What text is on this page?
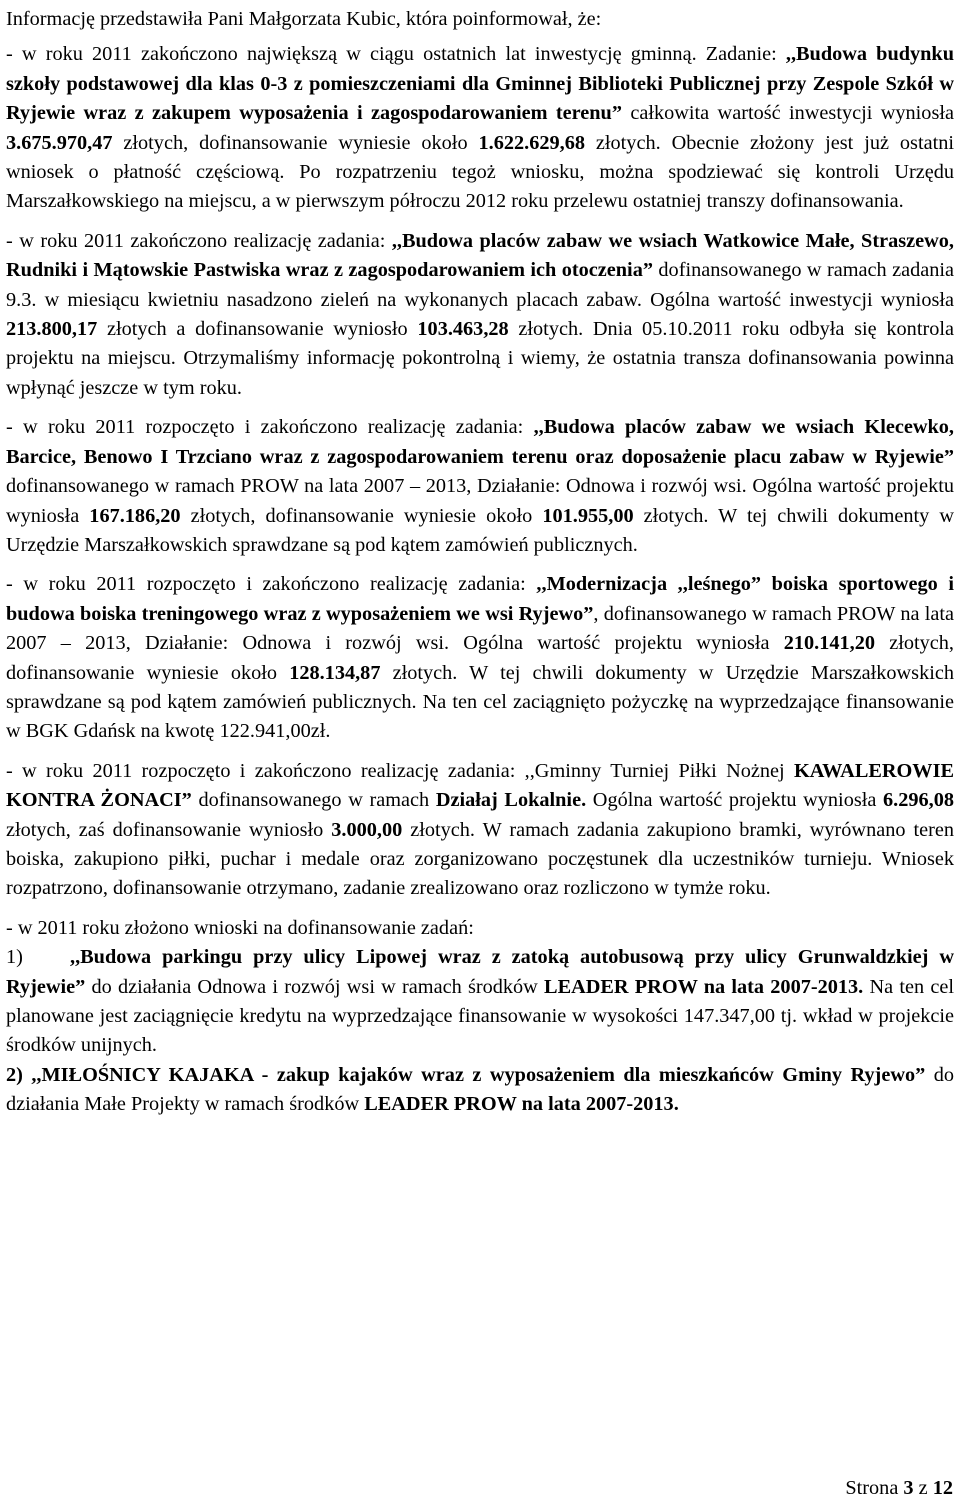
Informację przedstawiła Pani Małgorzata Kubic, która poinformował, że:

- w roku 2011 zakończono największą w ciągu ostatnich lat inwestycję gminną. Zadanie: ,,Budowa budynku szkoły podstawowej dla klas 0-3 z pomieszczeniami dla Gminnej Biblioteki Publicznej przy Zespole Szkół w Ryjewie wraz z zakupem wyposażenia i zagospodarowaniem terenu” całkowita wartość inwestycji wyniosła 3.675.970,47 złotych, dofinansowanie wyniesie około 1.622.629,68 złotych. Obecnie złożony jest już ostatni wniosek o płatność częściową. Po rozpatrzeniu tegoż wniosku, można spodziewać się kontroli Urzędu Marszałkowskiego na miejscu, a w pierwszym półroczu 2012 roku przelewu ostatniej transzy dofinansowania.

- w roku 2011 zakończono realizację zadania: ,,Budowa placów zabaw we wsiach Watkowice Małe, Straszewo, Rudniki i Mątowskie Pastwiska wraz z zagospodarowaniem ich otoczenia” dofinansowanego w ramach zadania 9.3. w miesiącu kwietniu nasadzono zieleń na wykonanych placach zabaw. Ogólna wartość inwestycji wyniosła 213.800,17 złotych a dofinansowanie wyniosło 103.463,28 złotych. Dnia 05.10.2011 roku odbyła się kontrola projektu na miejscu. Otrzymaliśmy informację pokontrolną i wiemy, że ostatnia transza dofinansowania powinna wpłynąć jeszcze w tym roku.

- w roku 2011 rozpoczęto i zakończono realizację zadania: ,,Budowa placów zabaw we wsiach Klecewko, Barcice, Benowo I Trzciano wraz z zagospodarowaniem terenu oraz doposażenie placu zabaw w Ryjewie” dofinansowanego w ramach PROW na lata 2007 – 2013, Działanie: Odnowa i rozwój wsi. Ogólna wartość projektu wyniosła 167.186,20 złotych, dofinansowanie wyniesie około 101.955,00 złotych. W tej chwili dokumenty w Urzędzie Marszałkowskich sprawdzane są pod kątem zamówień publicznych.

- w roku 2011 rozpoczęto i zakończono realizację zadania: ,,Modernizacja ,,leśnego” boiska sportowego i budowa boiska treningowego wraz z wyposażeniem we wsi Ryjewo”, dofinansowanego w ramach PROW na lata 2007 – 2013, Działanie: Odnowa i rozwój wsi. Ogólna wartość projektu wyniosła 210.141,20 złotych, dofinansowanie wyniesie około 128.134,87 złotych. W tej chwili dokumenty w Urzędzie Marszałkowskich sprawdzane są pod kątem zamówień publicznych. Na ten cel zaciągnięto pożyczkę na wyprzedzające finansowanie w BGK Gdańsk na kwotę 122.941,00zł.

- w roku 2011 rozpoczęto i zakończono realizację zadania: ,,Gminny Turniej Piłki Nożnej KAWALEROWIE KONTRA ŻONACI” dofinansowanego w ramach Działaj Lokalnie. Ogólna wartość projektu wyniosła 6.296,08 złotych, zaś dofinansowanie wyniosło 3.000,00 złotych. W ramach zadania zakupiono bramki, wyrównano teren boiska, zakupiono piłki, puchar i medale oraz zorganizowano poczęstunek dla uczestników turnieju. Wniosek rozpatrzono, dofinansowanie otrzymano, zadanie zrealizowano oraz rozliczono w tymże roku.

- w 2011 roku złożono wnioski na dofinansowanie zadań:

1) ,,Budowa parkingu przy ulicy Lipowej wraz z zatoką autobusową przy ulicy Grunwaldzkiej w Ryjewie” do działania Odnowa i rozwój wsi w ramach środków LEADER PROW na lata 2007-2013. Na ten cel planowane jest zaciągnięcie kredytu na wyprzedzające finansowanie w wysokości 147.347,00 tj. wkład w projekcie środków unijnych.

2) ,,MIŁOŚNICY KAJAKA - zakup kajaków wraz z wyposażeniem dla mieszkańców Gminy Ryjewo” do działania Małe Projekty w ramach środków LEADER PROW na lata 2007-2013.

Strona 3 z 12
